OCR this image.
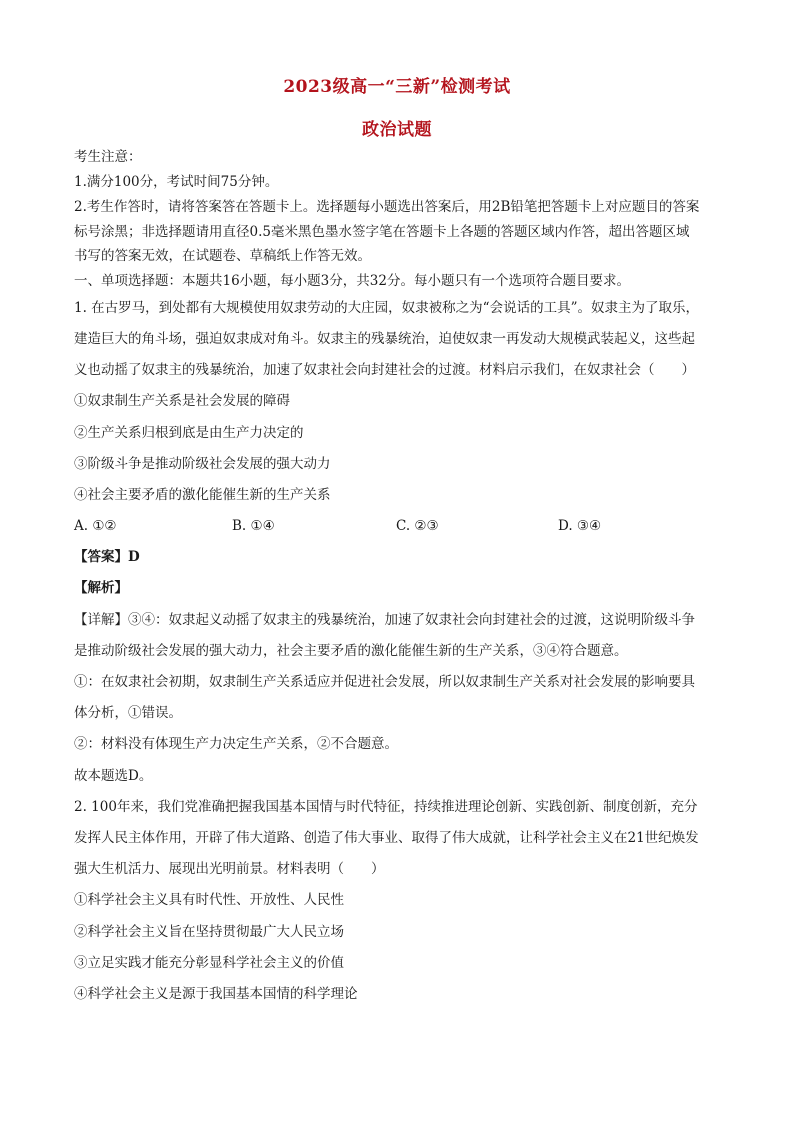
2023级高一“三新”检测考试
政治试题
考生注意：
1.满分100分，考试时间75分钟。
2.考生作答时，请将答案答在答题卡上。选择题每小题选出答案后，用2B铅笔把答题卡上对应题目的答案
标号涂黑；非选择题请用直径0.5毫米黑色墨水签字笔在答题卡上各题的答题区域内作答，超出答题区域
书写的答案无效，在试题卷、草稿纸上作答无效。
一、单项选择题：本题共16小题，每小题3分，共32分。每小题只有一个选项符合题目要求。
1. 在古罗马，到处都有大规模使用奴隶劳动的大庄园，奴隶被称之为“会说话的工具”。奴隶主为了取乐，
建造巨大的角斗场，强迫奴隶成对角斗。奴隶主的残暴统治，迫使奴隶一再发动大规模武装起义，这些起
义也动摇了奴隶主的残暴统治，加速了奴隶社会向封建社会的过渡。材料启示我们，在奴隶社会（　　）
①奴隶制生产关系是社会发展的障碍
②生产关系归根到底是由生产力决定的
③阶级斗争是推动阶级社会发展的强大动力
④社会主要矛盾的激化能催生新的生产关系
A. ①②	B. ①④	C. ②③	D. ③④
【答案】D
【解析】
【详解】③④：奴隶起义动摇了奴隶主的残暴统治，加速了奴隶社会向封建社会的过渡，这说明阶级斗争
是推动阶级社会发展的强大动力，社会主要矛盾的激化能催生新的生产关系，③④符合题意。
①：在奴隶社会初期，奴隶制生产关系适应并促进社会发展，所以奴隶制生产关系对社会发展的影响要具
体分析，①错误。
②：材料没有体现生产力决定生产关系，②不合题意。
故本题选D。
2. 100年来，我们党准确把握我国基本国情与时代特征，持续推进理论创新、实践创新、制度创新，充分
发挥人民主体作用，开辟了伟大道路、创造了伟大事业、取得了伟大成就，让科学社会主义在21世纪焕发
强大生机活力、展现出光明前景。材料表明（　　）
①科学社会主义具有时代性、开放性、人民性
②科学社会主义旨在坚持贯彻最广大人民立场
③立足实践才能充分彰显科学社会主义的价值
④科学社会主义是源于我国基本国情的科学理论
